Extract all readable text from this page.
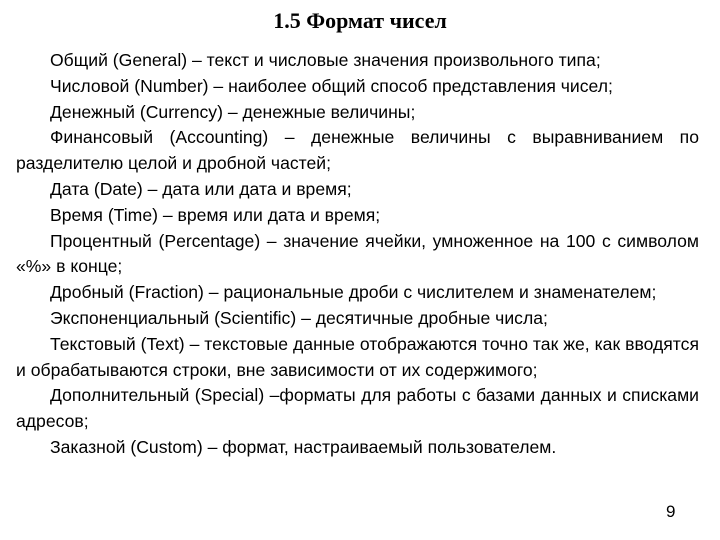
1.5 Формат чисел

Общий (General) – текст и числовые значения произвольного типа;

Числовой (Number) – наиболее общий способ представления чисел;

Денежный (Currency) – денежные величины;

Финансовый (Accounting) – денежные величины с выравниванием по разделителю целой и дробной частей;

Дата (Date) – дата или дата и время;

Время (Time) – время или дата и время;

Процентный (Percentage) – значение ячейки, умноженное на 100 с символом «%» в конце;

Дробный (Fraction) – рациональные дроби с числителем и знаменателем;

Экспоненциальный (Scientific) – десятичные дробные числа;

Текстовый (Text) – текстовые данные отображаются точно так же, как вводятся и обрабатываются строки, вне зависимости от их содержимого;

Дополнительный (Special) –форматы для работы с базами данных и списками адресов;

Заказной (Custom) – формат, настраиваемый пользователем.

9
